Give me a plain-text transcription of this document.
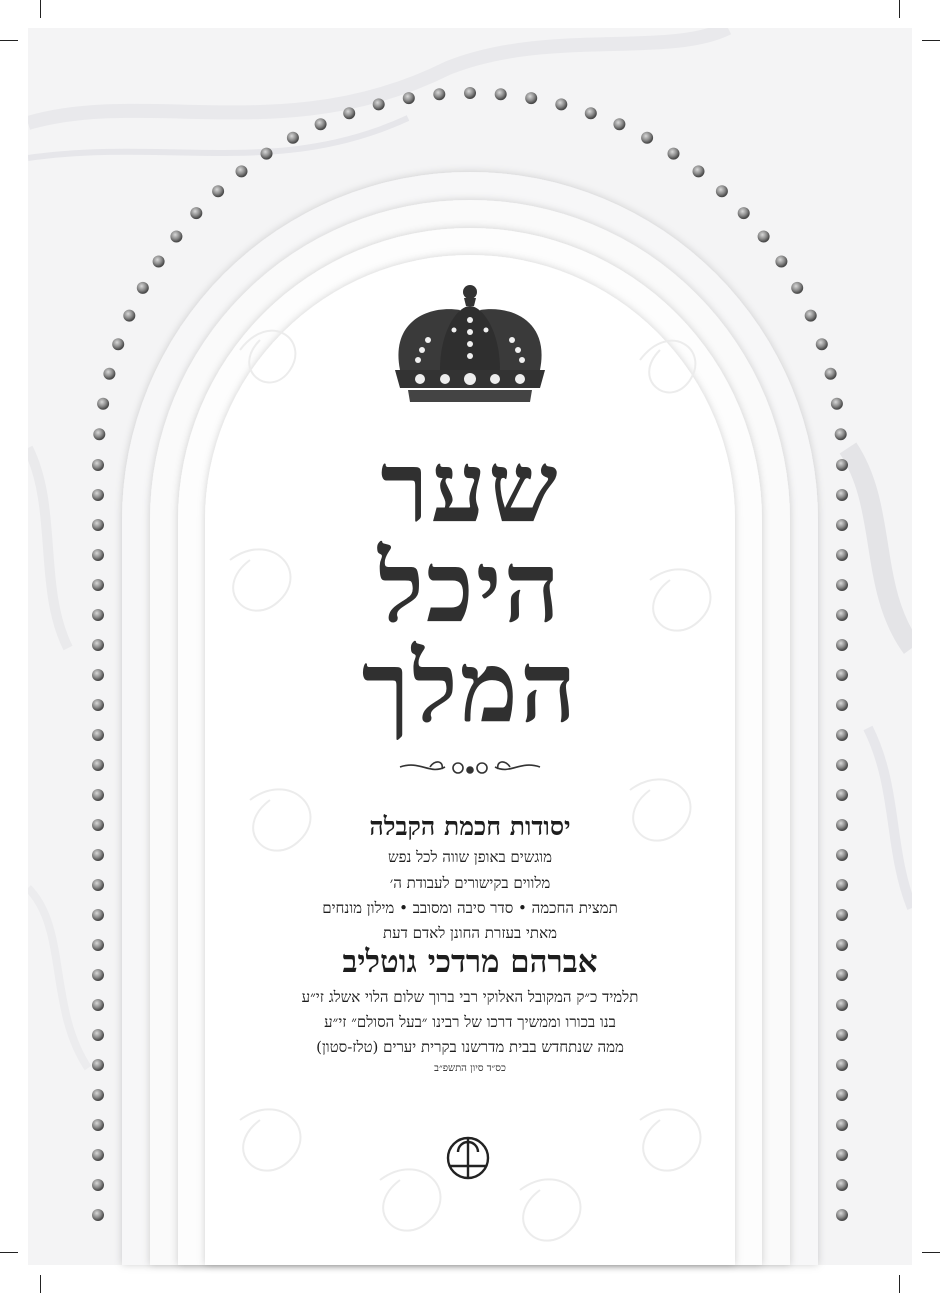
שער
היכל
המלך
יסודות חכמת הקבלה
מוגשים באופן שווה לכל נפש
מלווים בקישורים לעבודת ה׳
תמצית החכמה • סדר סיבה ומסובב • מילון מונחים
מאתי בעזרת החונן לאדם דעת
אברהם מרדכי גוטליב
תלמיד כ״ק המקובל האלוקי רבי ברוך שלום הלוי אשלג זי״ע
בנו בכורו וממשיך דרכו של רבינו ״בעל הסולם״ זי״ע
ממה שנתחדש בבית מדרשנו בקרית יערים (טלז-סטון)
כס״ד סיון התשפ״ב
